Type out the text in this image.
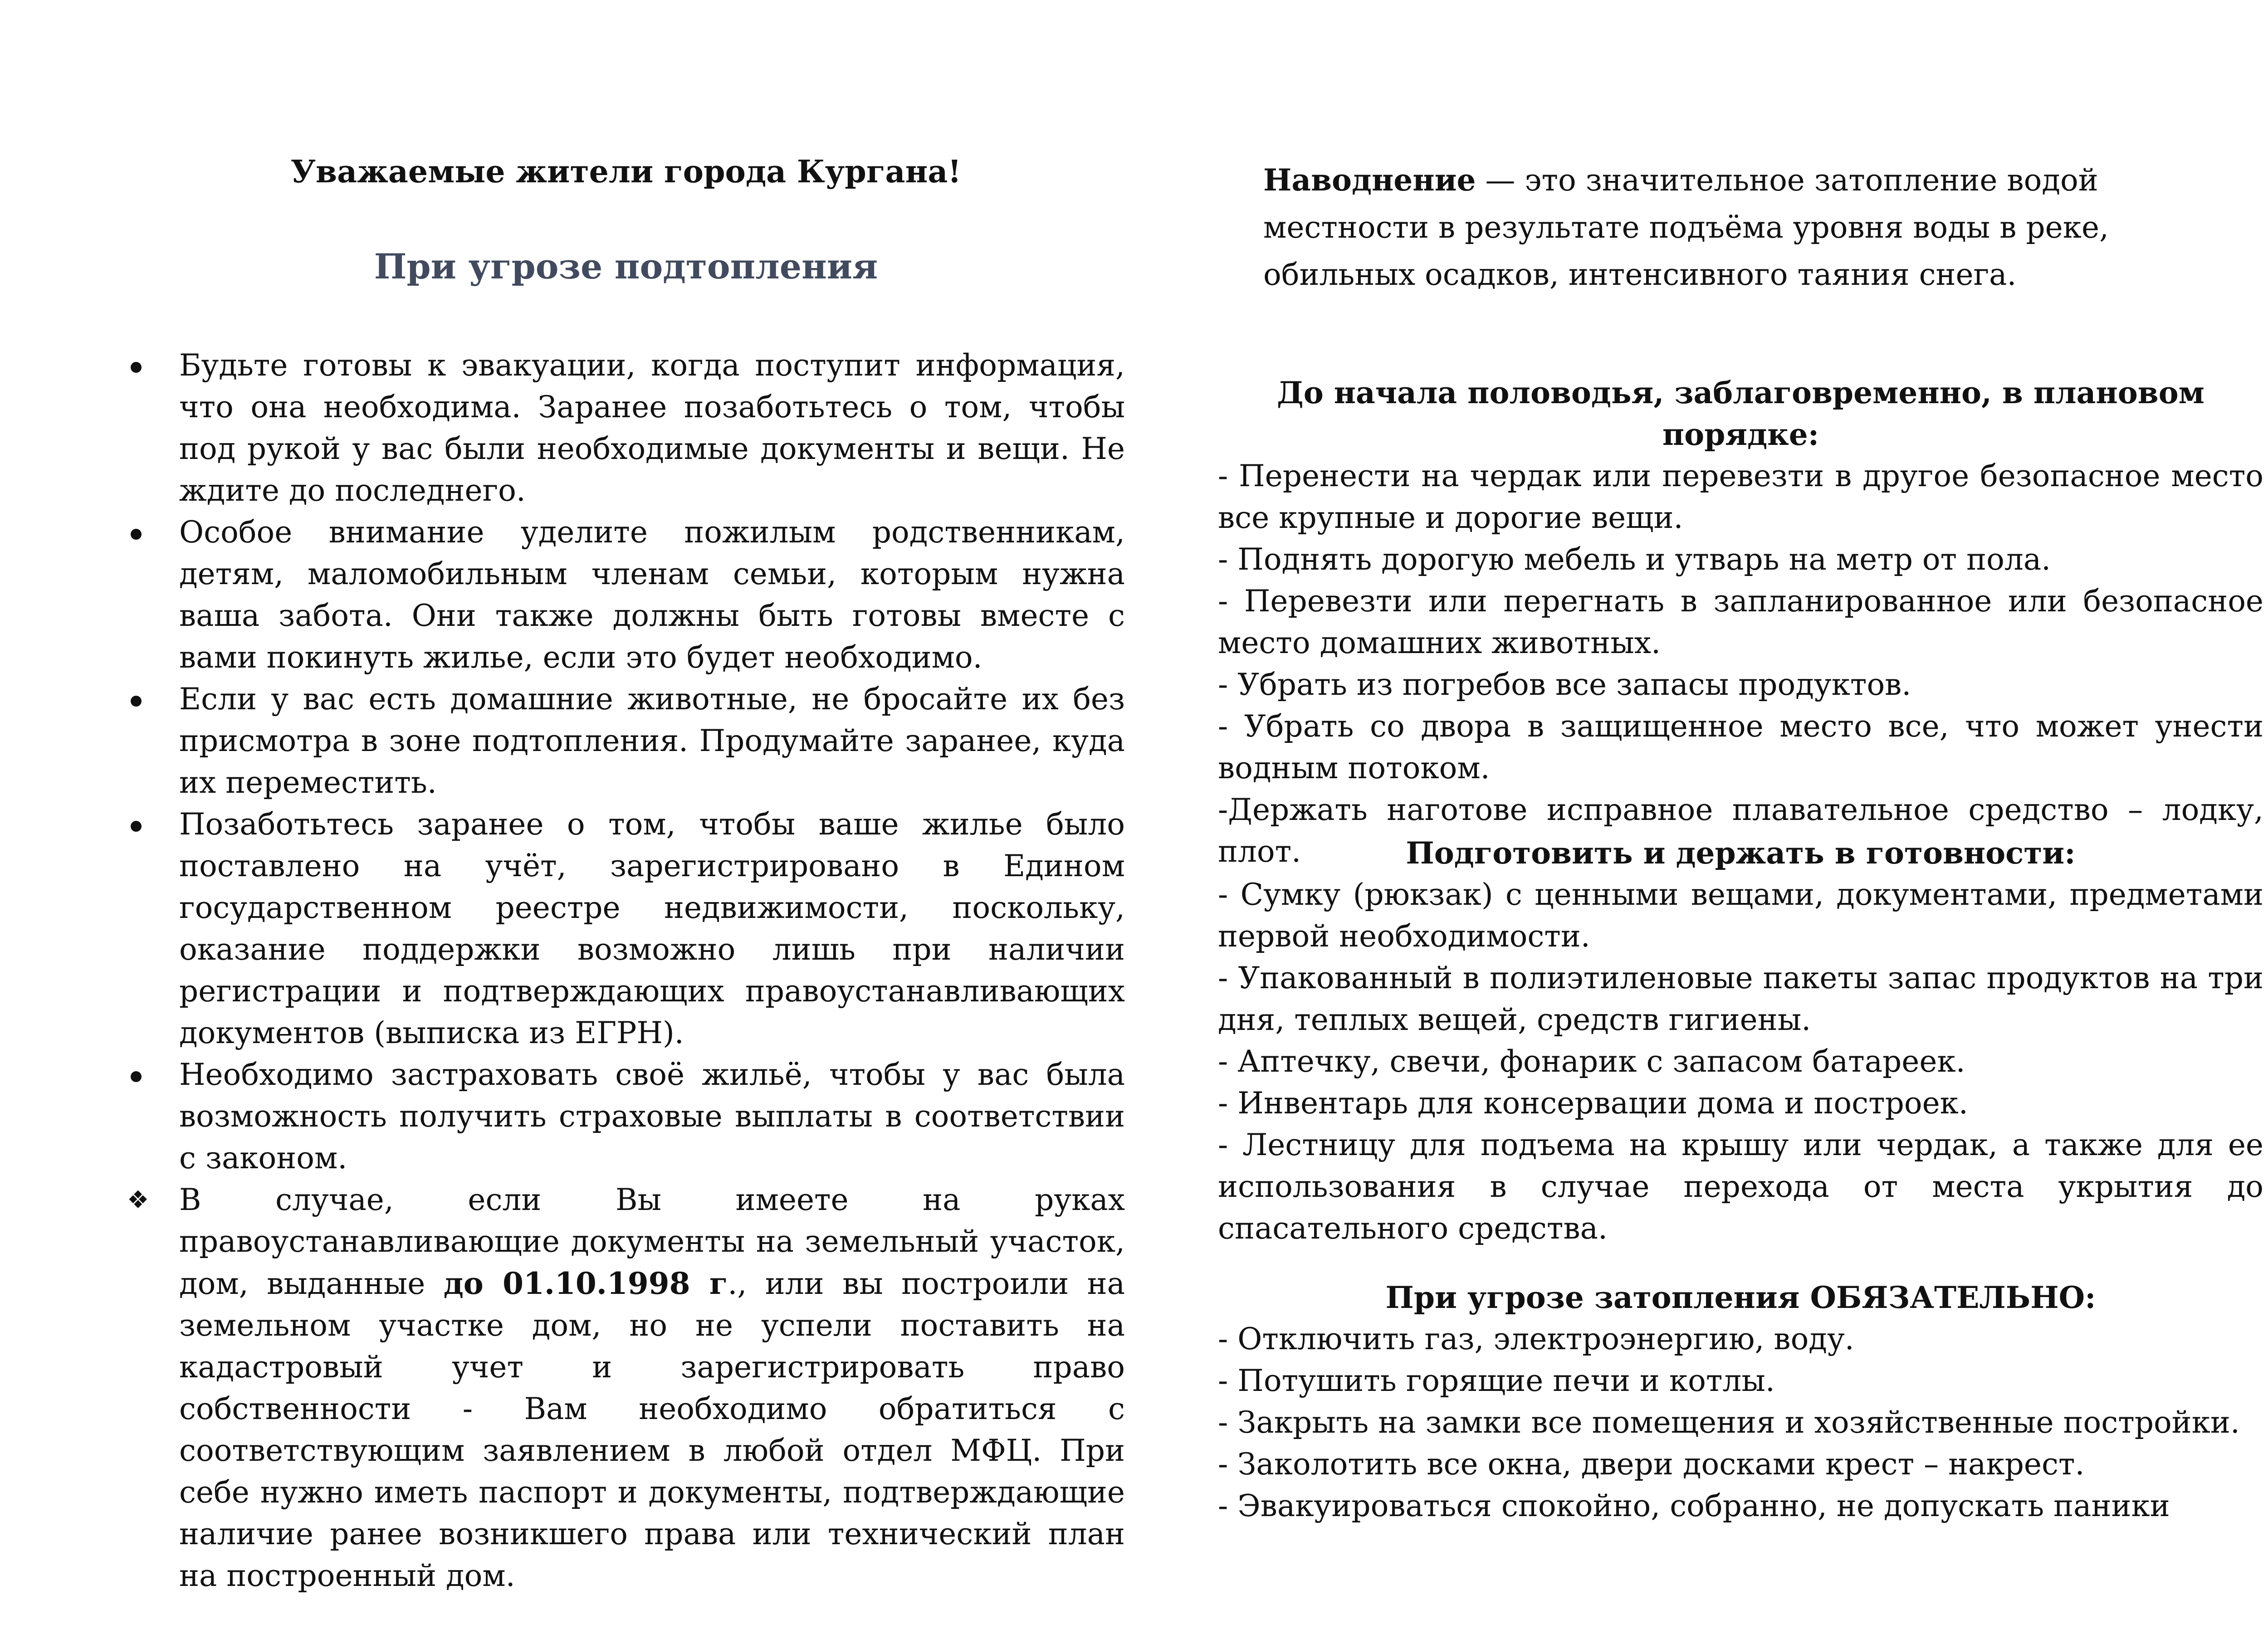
Уважаемые жители города Кургана!
При угрозе подтопления
Будьте готовы к эвакуации, когда поступит информация, что она необходима. Заранее позаботьтесь о том, чтобы под рукой у вас были необходимые документы и вещи. Не ждите до последнего.
Особое внимание уделите пожилым родственникам, детям, маломобильным членам семьи, которым нужна ваша забота. Они также должны быть готовы вместе с вами покинуть жилье, если это будет необходимо.
Если у вас есть домашние животные, не бросайте их без присмотра в зоне подтопления. Продумайте заранее, куда их переместить.
Позаботьтесь заранее о том, чтобы ваше жилье было поставлено на учёт, зарегистрировано в Едином государственном реестре недвижимости, поскольку, оказание поддержки возможно лишь при наличии регистрации и подтверждающих правоустанавливающих документов (выписка из ЕГРН).
Необходимо застраховать своё жильё, чтобы у вас была возможность получить страховые выплаты в соответствии с законом.
❖ В случае, если Вы имеете на руках правоустанавливающие документы на земельный участок, дом, выданные до 01.10.1998 г., или вы построили на земельном участке дом, но не успели поставить на кадастровый учет и зарегистрировать право собственности - Вам необходимо обратиться с соответствующим заявлением в любой отдел МФЦ. При себе нужно иметь паспорт и документы, подтверждающие наличие ранее возникшего права или технический план на построенный дом.
Наводнение — это значительное затопление водой местности в результате подъёма уровня воды в реке, обильных осадков, интенсивного таяния снега.
До начала половодья, заблаговременно, в плановом порядке:

- Перенести на чердак или перевезти в другое безопасное место все крупные и дорогие вещи.

- Поднять дорогую мебель и утварь на метр от пола.

- Перевезти или перегнать в запланированное или безопасное место домашних животных.

- Убрать из погребов все запасы продуктов.

- Убрать со двора в защищенное место все, что может унести водным потоком.

-Держать наготове исправное плавательное средство – лодку, плот.	Подготовить и держать в готовности:

- Сумку (рюкзак) с ценными вещами, документами, предметами первой необходимости.

- Упакованный в полиэтиленовые пакеты запас продуктов на три дня, теплых вещей, средств гигиены.

- Аптечку, свечи, фонарик с запасом батареек.

- Инвентарь для консервации дома и построек.

- Лестницу для подъема на крышу или чердак, а также для ее использования в случае перехода от места укрытия до спасательного средства.

При угрозе затопления ОБЯЗАТЕЛЬНО:

- Отключить газ, электроэнергию, воду.

- Потушить горящие печи и котлы.

- Закрыть на замки все помещения и хозяйственные постройки.

- Заколотить все окна, двери досками крест – накрест.

- Эвакуироваться спокойно, собранно, не допускать паники
